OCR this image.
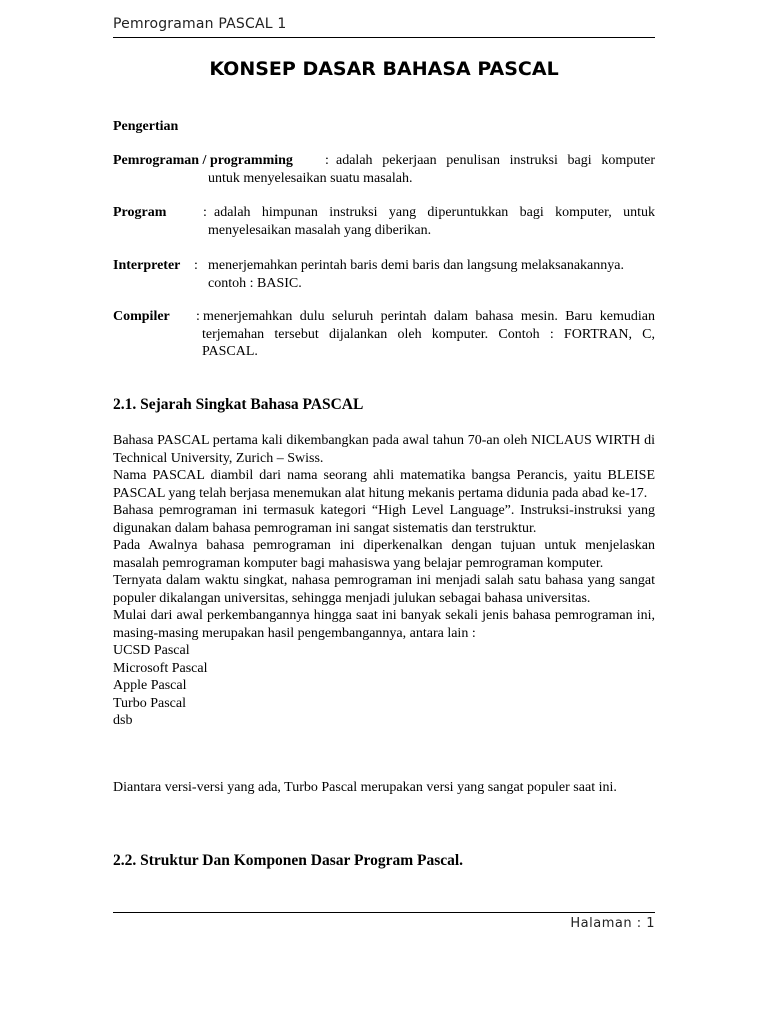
Pemrograman PASCAL 1
KONSEP DASAR BAHASA PASCAL
Pengertian
Pemrograman / programming : adalah pekerjaan penulisan instruksi bagi komputer untuk menyelesaikan suatu masalah.
Program	: adalah himpunan instruksi yang diperuntukkan bagi komputer, untuk menyelesaikan masalah yang diberikan.
Interpreter : menerjemahkan perintah baris demi baris dan langsung melaksanakannya. contoh : BASIC.
Compiler : menerjemahkan dulu seluruh perintah dalam bahasa mesin. Baru kemudian terjemahan tersebut dijalankan oleh komputer. Contoh : FORTRAN, C, PASCAL.
2.1. Sejarah Singkat Bahasa PASCAL
Bahasa PASCAL pertama kali dikembangkan pada awal tahun 70-an oleh NICLAUS WIRTH di Technical University, Zurich – Swiss.
Nama PASCAL diambil dari nama seorang ahli matematika bangsa Perancis, yaitu BLEISE PASCAL yang telah berjasa menemukan alat hitung mekanis pertama didunia pada abad ke-17.
Bahasa pemrograman ini termasuk kategori “High Level Language”. Instruksi-instruksi yang digunakan dalam bahasa pemrograman ini sangat sistematis dan terstruktur.
Pada Awalnya bahasa pemrograman ini diperkenalkan dengan tujuan untuk menjelaskan masalah pemrograman komputer bagi mahasiswa yang belajar pemrograman komputer.
Ternyata dalam waktu singkat, nahasa pemrograman ini menjadi salah satu bahasa yang sangat populer dikalangan universitas, sehingga menjadi julukan sebagai bahasa universitas.
Mulai dari awal perkembangannya hingga saat ini banyak sekali jenis bahasa pemrograman ini, masing-masing merupakan hasil pengembangannya, antara lain :
UCSD Pascal
Microsoft Pascal
Apple Pascal
Turbo Pascal
dsb
Diantara versi-versi yang ada, Turbo Pascal merupakan versi yang sangat populer saat ini.
2.2. Struktur Dan Komponen Dasar Program Pascal.
Halaman : 1
